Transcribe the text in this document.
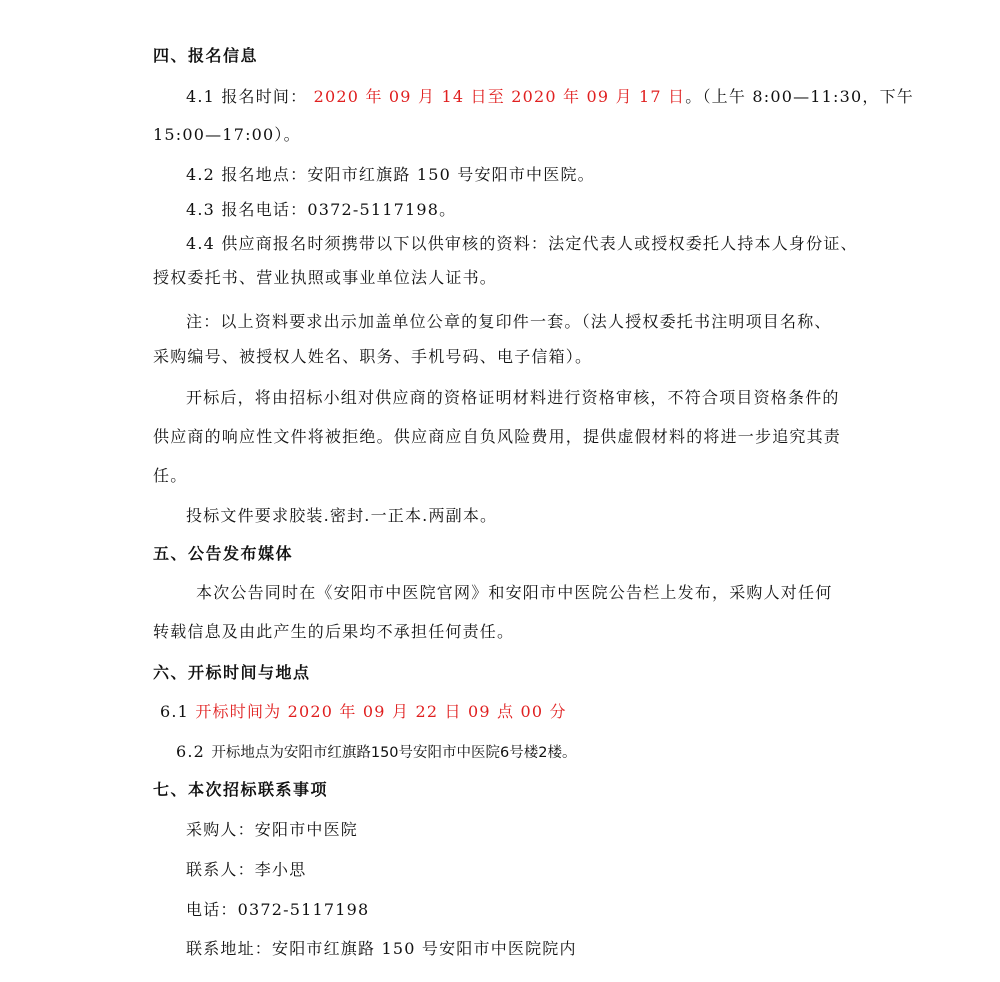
四、报名信息
4.1 报名时间： 2020 年 09 月 14 日至 2020 年 09 月 17 日。（上午 8:00—11:30，下午
15:00—17:00）。
4.2 报名地点：安阳市红旗路 150 号安阳市中医院。
4.3 报名电话：0372-5117198。
4.4 供应商报名时须携带以下以供审核的资料：法定代表人或授权委托人持本人身份证、
授权委托书、营业执照或事业单位法人证书。
注：以上资料要求出示加盖单位公章的复印件一套。（法人授权委托书注明项目名称、
采购编号、被授权人姓名、职务、手机号码、电子信箱）。
开标后，将由招标小组对供应商的资格证明材料进行资格审核，不符合项目资格条件的
供应商的响应性文件将被拒绝。供应商应自负风险费用，提供虚假材料的将进一步追究其责
任。
投标文件要求胶装.密封.一正本.两副本。
五、公告发布媒体
本次公告同时在《安阳市中医院官网》和安阳市中医院公告栏上发布，采购人对任何
转载信息及由此产生的后果均不承担任何责任。
六、开标时间与地点
6.1 开标时间为 2020 年 09 月 22 日 09 点 00 分
6.2 开标地点为安阳市红旗路150号安阳市中医院6号楼2楼。
七、本次招标联系事项
采购人：安阳市中医院
联系人：李小思
电话：0372-5117198
联系地址：安阳市红旗路 150 号安阳市中医院院内
